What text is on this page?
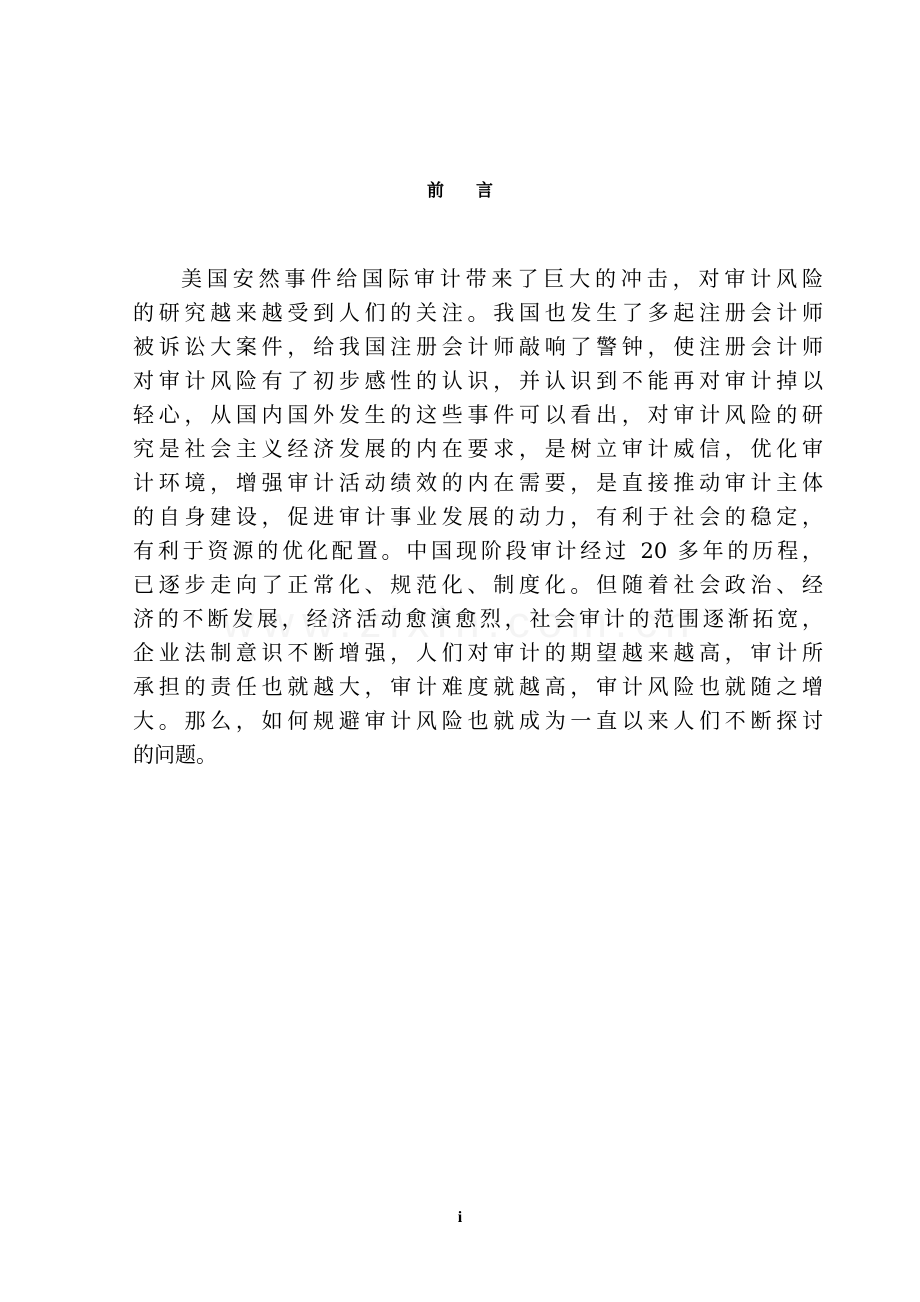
前 言
美国安然事件给国际审计带来了巨大的冲击，对审计风险
的研究越来越受到人们的关注。我国也发生了多起注册会计师
被诉讼大案件，给我国注册会计师敲响了警钟，使注册会计师
对审计风险有了初步感性的认识，并认识到不能再对审计掉以
轻心，从国内国外发生的这些事件可以看出，对审计风险的研
究是社会主义经济发展的内在要求，是树立审计威信，优化审
计环境，增强审计活动绩效的内在需要，是直接推动审计主体
的自身建设，促进审计事业发展的动力，有利于社会的稳定，
有利于资源的优化配置。中国现阶段审计经过 20 多年的历程，
已逐步走向了正常化、规范化、制度化。但随着社会政治、经
济的不断发展，经济活动愈演愈烈，社会审计的范围逐渐拓宽，
企业法制意识不断增强，人们对审计的期望越来越高，审计所
承担的责任也就越大，审计难度就越高，审计风险也就随之增
大。那么，如何规避审计风险也就成为一直以来人们不断探讨
的问题。
i
